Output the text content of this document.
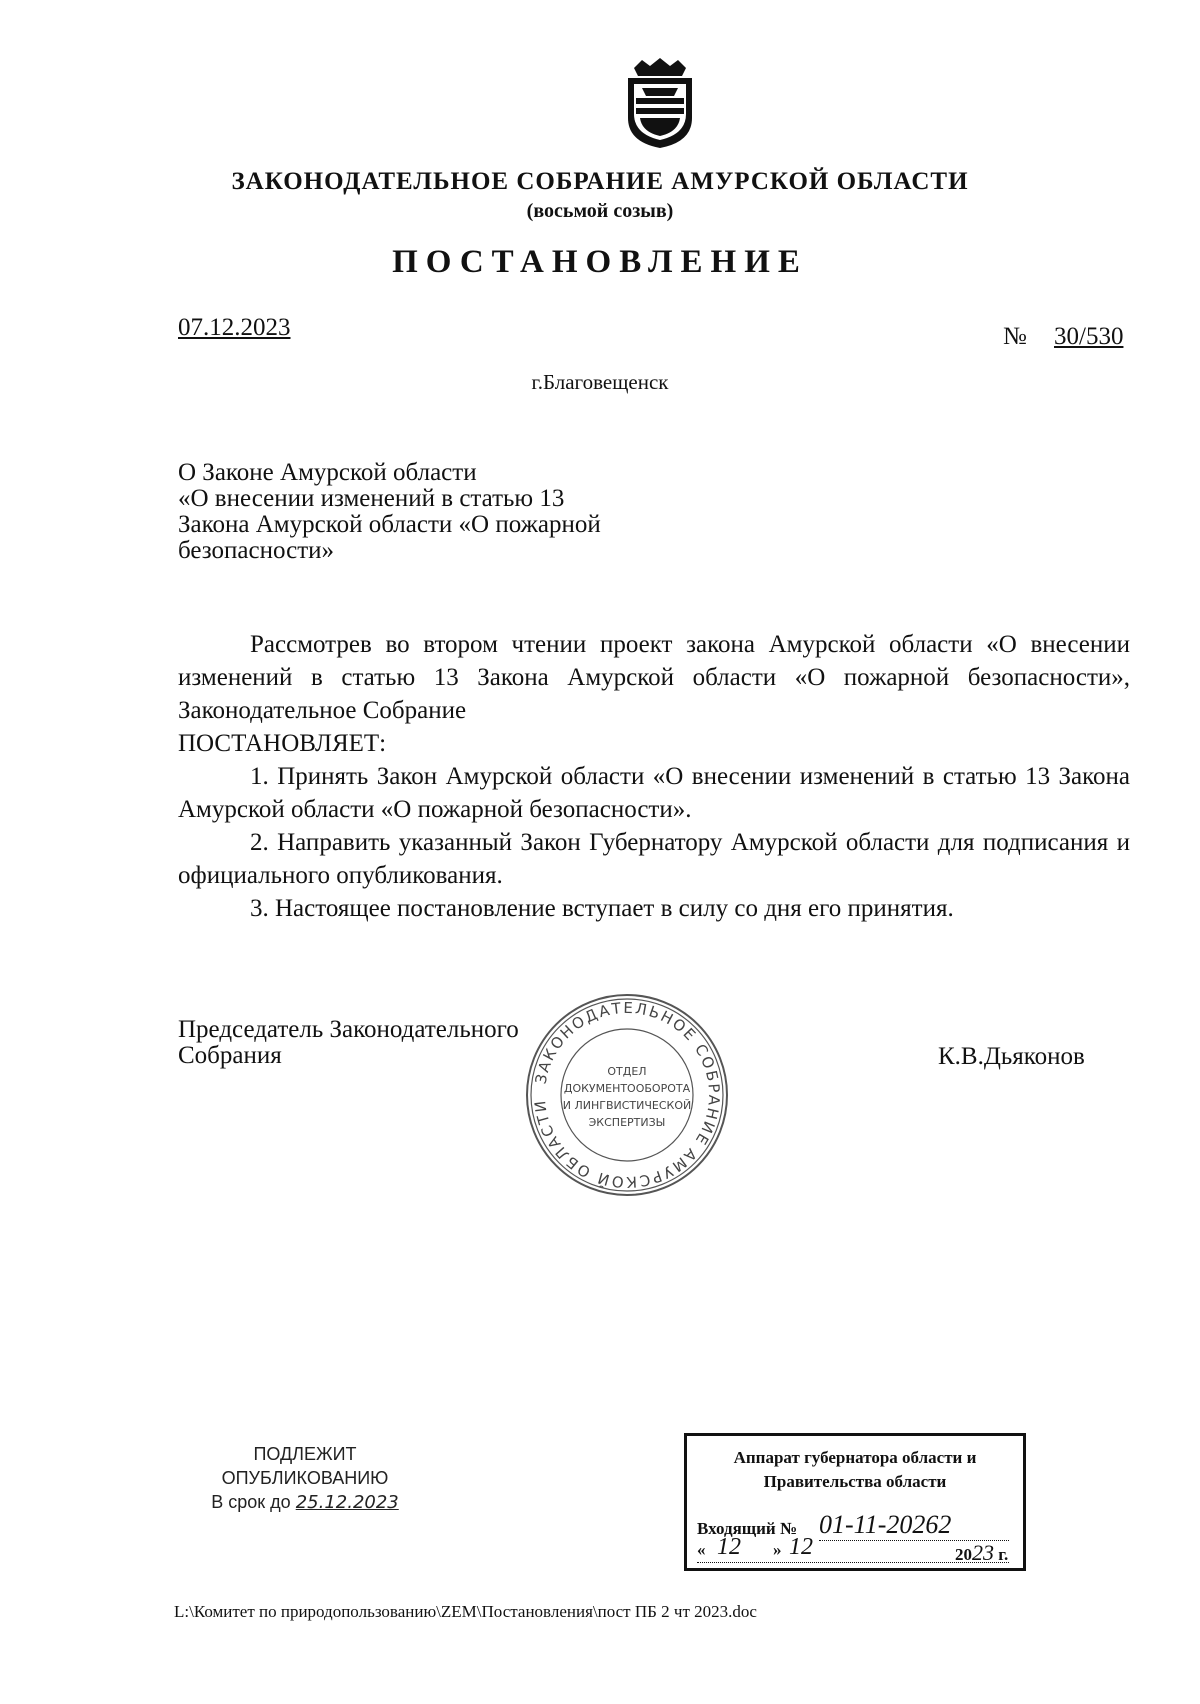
ЗАКОНОДАТЕЛЬНОЕ СОБРАНИЕ АМУРСКОЙ ОБЛАСТИ
(восьмой созыв)
ПОСТАНОВЛЕНИЕ
07.12.2023	№ 30/530
г.Благовещенск
О Законе Амурской области
«О внесении изменений в статью 13
Закона Амурской области «О пожарной
безопасности»

Рассмотрев во втором чтении проект закона Амурской области «О внесении изменений в статью 13 Закона Амурской области «О пожарной безопасности», Законодательное Собрание

ПОСТАНОВЛЯЕТ:

1. Принять Закон Амурской области «О внесении изменений в статью 13 Закона Амурской области «О пожарной безопасности».

2. Направить указанный Закон Губернатору Амурской области для подписания и официального опубликования.

3. Настоящее постановление вступает в силу со дня его принятия.

Председатель Законодательного
Собрания	К.В.Дьяконов
ЗАКОНОДАТЕЛЬНОЕ СОБРАНИЕ АМУРСКОЙ ОБЛАСТИ
ОТДЕЛ
ДОКУМЕНТООБОРОТА
И ЛИНГВИСТИЧЕСКОЙ
ЭКСПЕРТИЗЫ
ПОДЛЕЖИТ
ОПУБЛИКОВАНИЮ
В срок до 25.12.2023
Аппарат губернатора области и
Правительства области
Входящий № 01-11-20262
« 12 » 12	2023 г.
L:\Комитет по природопользованию\ZEM\Постановления\пост ПБ 2 чт 2023.doc
